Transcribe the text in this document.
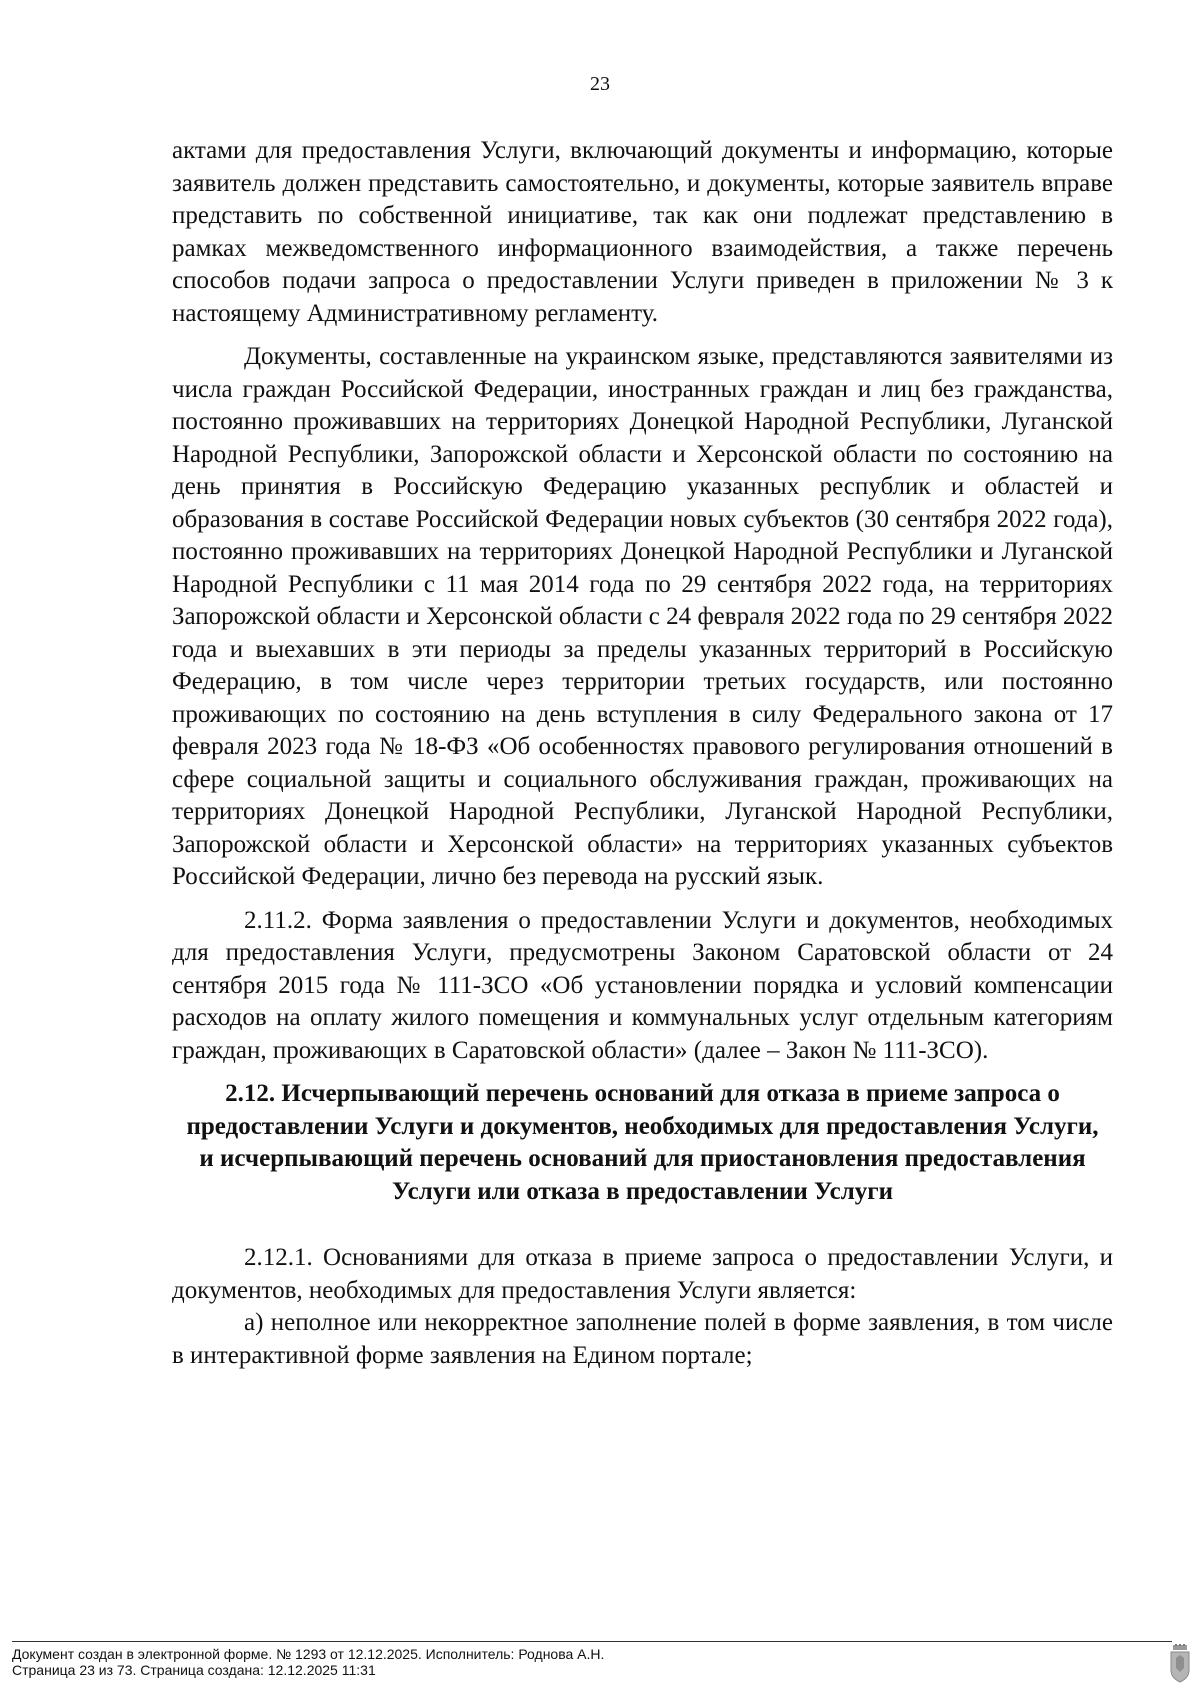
23

актами для предоставления Услуги, включающий документы и информацию, которые заявитель должен представить самостоятельно, и документы, которые заявитель вправе представить по собственной инициативе, так как они подлежат представлению в рамках межведомственного информационного взаимодействия, а также перечень способов подачи запроса о предоставлении Услуги приведен в приложении № 3 к настоящему Административному регламенту.

Документы, составленные на украинском языке, представляются заявителями из числа граждан Российской Федерации, иностранных граждан и лиц без гражданства, постоянно проживавших на территориях Донецкой Народной Республики, Луганской Народной Республики, Запорожской области и Херсонской области по состоянию на день принятия в Российскую Федерацию указанных республик и областей и образования в составе Российской Федерации новых субъектов (30 сентября 2022 года), постоянно проживавших на территориях Донецкой Народной Республики и Луганской Народной Республики с 11 мая 2014 года по 29 сентября 2022 года, на территориях Запорожской области и Херсонской области с 24 февраля 2022 года по 29 сентября 2022 года и выехавших в эти периоды за пределы указанных территорий в Российскую Федерацию, в том числе через территории третьих государств, или постоянно проживающих по состоянию на день вступления в силу Федерального закона от 17 февраля 2023 года № 18-ФЗ «Об особенностях правового регулирования отношений в сфере социальной защиты и социального обслуживания граждан, проживающих на территориях Донецкой Народной Республики, Луганской Народной Республики, Запорожской области и Херсонской области» на территориях указанных субъектов Российской Федерации, лично без перевода на русский язык.

2.11.2. Форма заявления о предоставлении Услуги и документов, необходимых для предоставления Услуги, предусмотрены Законом Саратовской области от 24 сентября 2015 года № 111-ЗСО «Об установлении порядка и условий компенсации расходов на оплату жилого помещения и коммунальных услуг отдельным категориям граждан, проживающих в Саратовской области» (далее – Закон № 111-ЗСО).

2.12. Исчерпывающий перечень оснований для отказа в приеме запроса о предоставлении Услуги и документов, необходимых для предоставления Услуги, и исчерпывающий перечень оснований для приостановления предоставления Услуги или отказа в предоставлении Услуги

2.12.1. Основаниями для отказа в приеме запроса о предоставлении Услуги, и документов, необходимых для предоставления Услуги является:

а) неполное или некорректное заполнение полей в форме заявления, в том числе в интерактивной форме заявления на Едином портале;

Документ создан в электронной форме. № 1293 от 12.12.2025. Исполнитель: Роднова А.Н.
Страница 23 из 73. Страница создана: 12.12.2025 11:31
